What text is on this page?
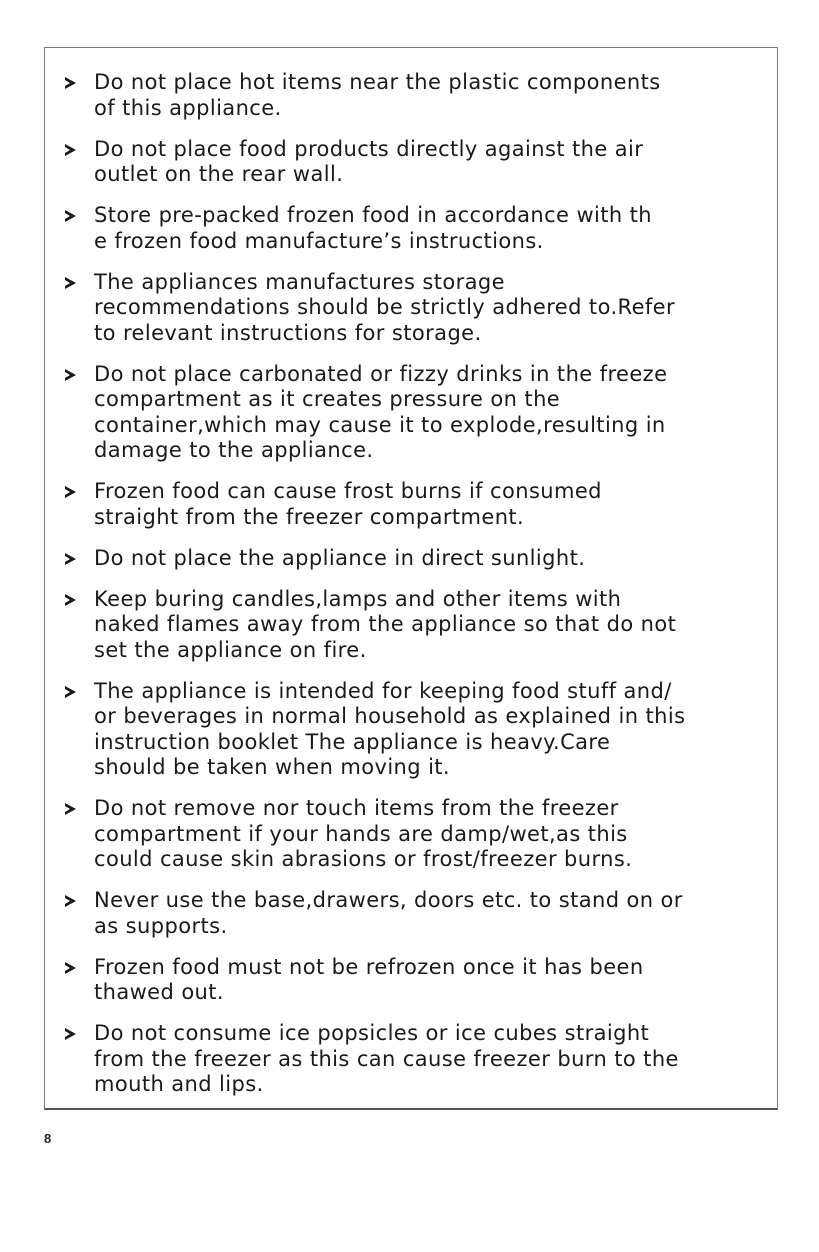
Do not place hot items near the plastic components
of this appliance.
Do not place food products directly against the air
outlet on the rear wall.
Store pre-packed frozen food in accordance with th
e frozen food manufacture’s instructions.
The appliances manufactures storage
recommendations should be strictly adhered to.Refer
to relevant instructions for storage.
Do not place carbonated or fizzy drinks in the freeze
compartment as it creates pressure on the
container,which may cause it to explode,resulting in
damage to the appliance.
Frozen food can cause frost burns if consumed
straight from the freezer compartment.
Do not place the appliance in direct sunlight.
Keep buring candles,lamps and other items with
naked flames away from the appliance so that do not
set the appliance on fire.
The appliance is intended for keeping food stuff and/
or beverages in normal household as explained in this
instruction booklet The appliance is heavy.Care
should be taken when moving it.
Do not remove nor touch items from the freezer
compartment if your hands are damp/wet,as this
could cause skin abrasions or frost/freezer burns.
Never use the base,drawers, doors etc. to stand on or
as supports.
Frozen food must not be refrozen once it has been
thawed out.
Do not consume ice popsicles or ice cubes straight
from the freezer as this can cause freezer burn to the
mouth and lips.
8
